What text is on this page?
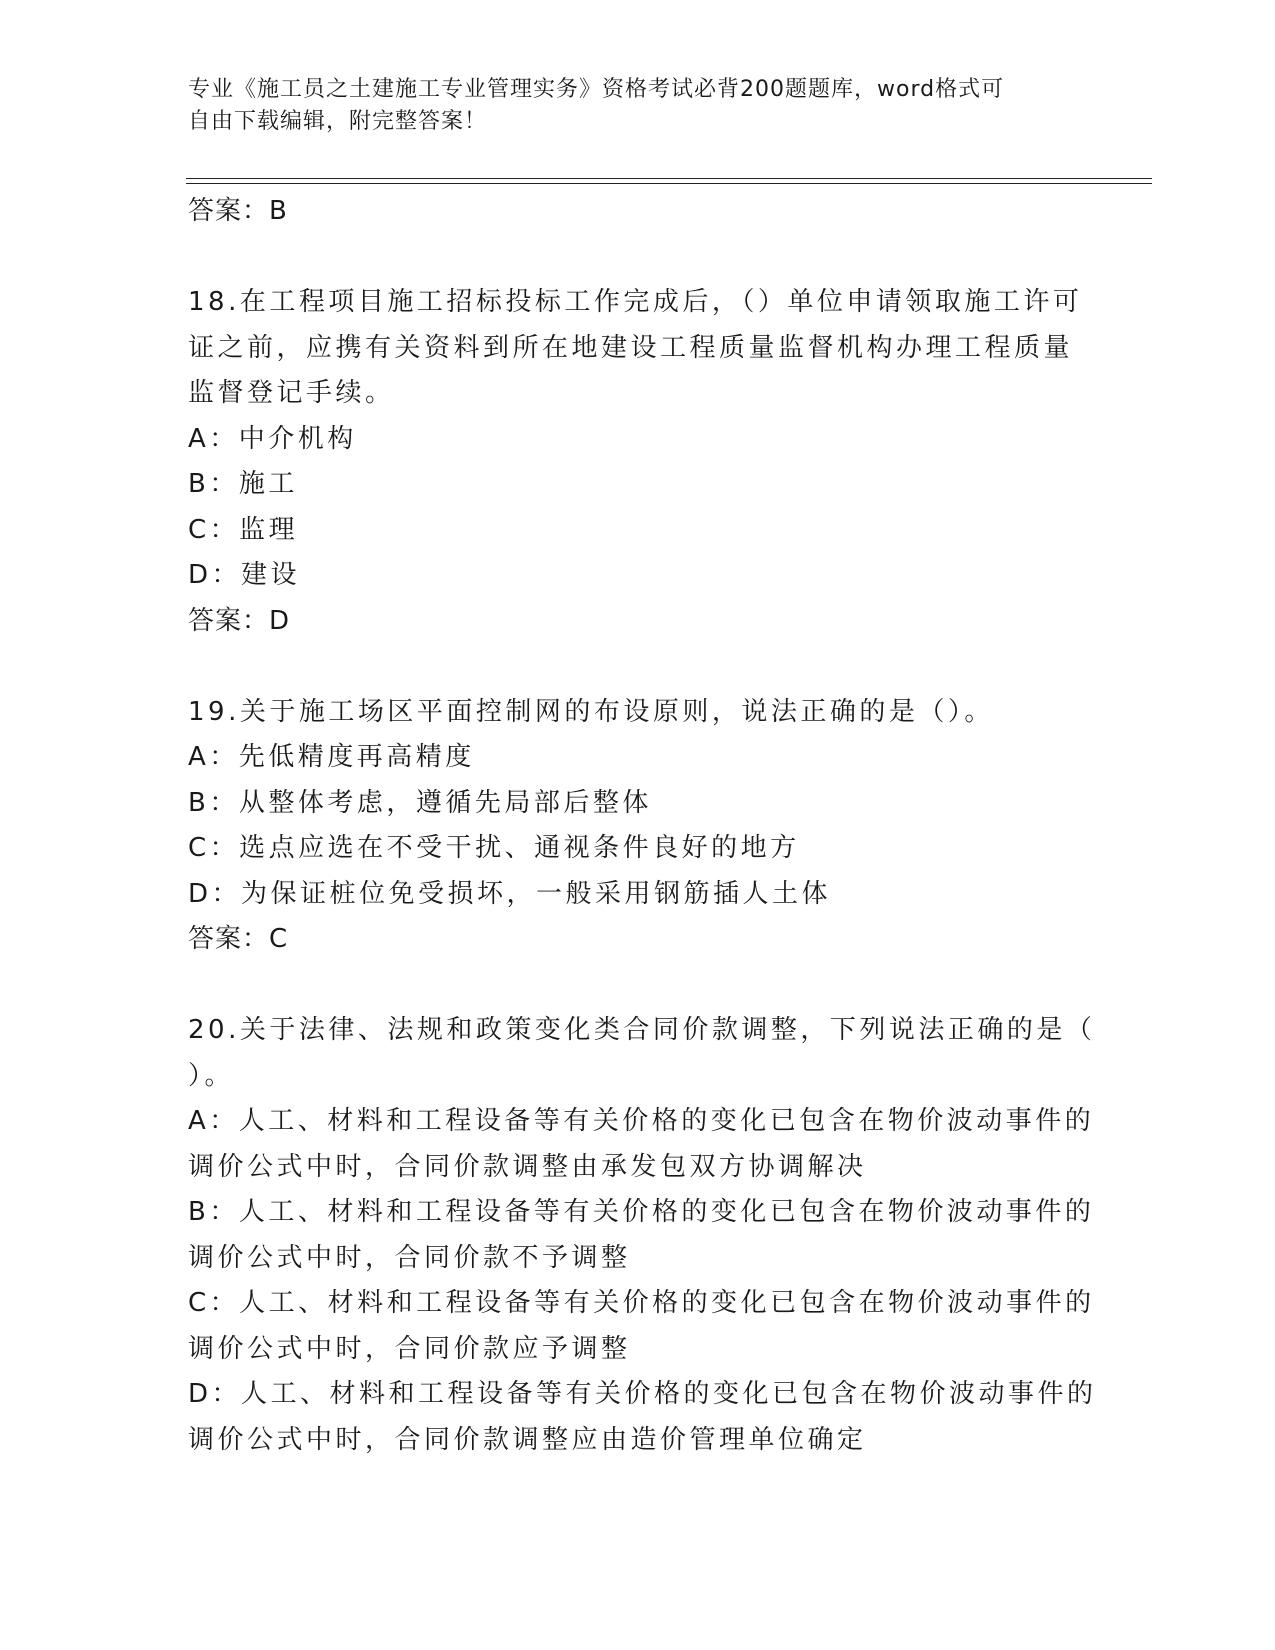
专业《施工员之土建施工专业管理实务》资格考试必背200题题库，word格式可
自由下载编辑，附完整答案！
答案：B
18.在工程项目施工招标投标工作完成后，（）单位申请领取施工许可
证之前，应携有关资料到所在地建设工程质量监督机构办理工程质量
监督登记手续。
A：中介机构
B：施工
C：监理
D：建设
答案：D
19.关于施工场区平面控制网的布设原则，说法正确的是（）。
A：先低精度再高精度
B：从整体考虑，遵循先局部后整体
C：选点应选在不受干扰、通视条件良好的地方
D：为保证桩位免受损坏，一般采用钢筋插人土体
答案：C
20.关于法律、法规和政策变化类合同价款调整，下列说法正确的是（
）。
A：人工、材料和工程设备等有关价格的变化已包含在物价波动事件的
调价公式中时，合同价款调整由承发包双方协调解决
B：人工、材料和工程设备等有关价格的变化已包含在物价波动事件的
调价公式中时，合同价款不予调整
C：人工、材料和工程设备等有关价格的变化已包含在物价波动事件的
调价公式中时，合同价款应予调整
D：人工、材料和工程设备等有关价格的变化已包含在物价波动事件的
调价公式中时，合同价款调整应由造价管理单位确定
